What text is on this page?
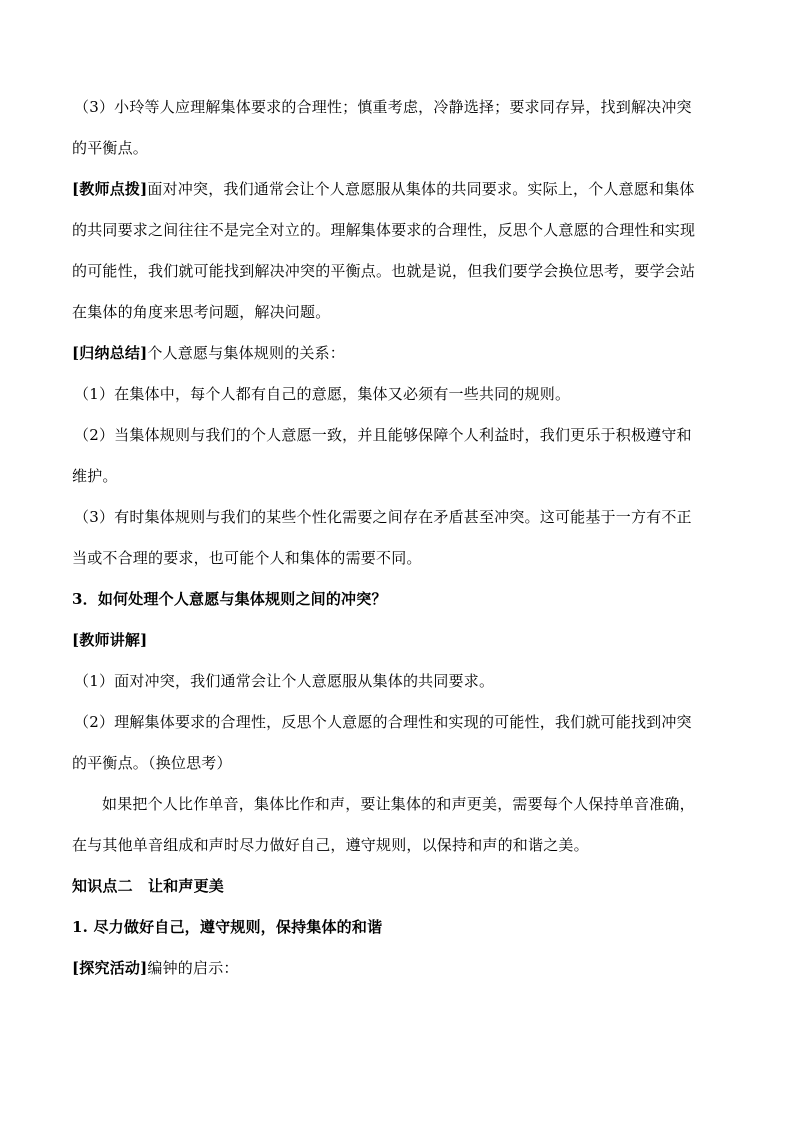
（3）小玲等人应理解集体要求的合理性；慎重考虑，冷静选择；要求同存异，找到解决冲突
的平衡点。
[教师点拨]面对冲突，我们通常会让个人意愿服从集体的共同要求。实际上，个人意愿和集体
的共同要求之间往往不是完全对立的。理解集体要求的合理性，反思个人意愿的合理性和实现
的可能性，我们就可能找到解决冲突的平衡点。也就是说，但我们要学会换位思考，要学会站
在集体的角度来思考问题，解决问题。
[归纳总结]个人意愿与集体规则的关系：
（1）在集体中，每个人都有自己的意愿，集体又必须有一些共同的规则。
（2）当集体规则与我们的个人意愿一致，并且能够保障个人利益时，我们更乐于积极遵守和
维护。
（3）有时集体规则与我们的某些个性化需要之间存在矛盾甚至冲突。这可能基于一方有不正
当或不合理的要求，也可能个人和集体的需要不同。
3．如何处理个人意愿与集体规则之间的冲突？
[教师讲解]
（1）面对冲突，我们通常会让个人意愿服从集体的共同要求。
（2）理解集体要求的合理性，反思个人意愿的合理性和实现的可能性，我们就可能找到冲突
的平衡点。（换位思考）
如果把个人比作单音，集体比作和声，要让集体的和声更美，需要每个人保持单音准确，
在与其他单音组成和声时尽力做好自己，遵守规则，以保持和声的和谐之美。
知识点二　让和声更美
1. 尽力做好自己，遵守规则，保持集体的和谐
[探究活动]编钟的启示：
